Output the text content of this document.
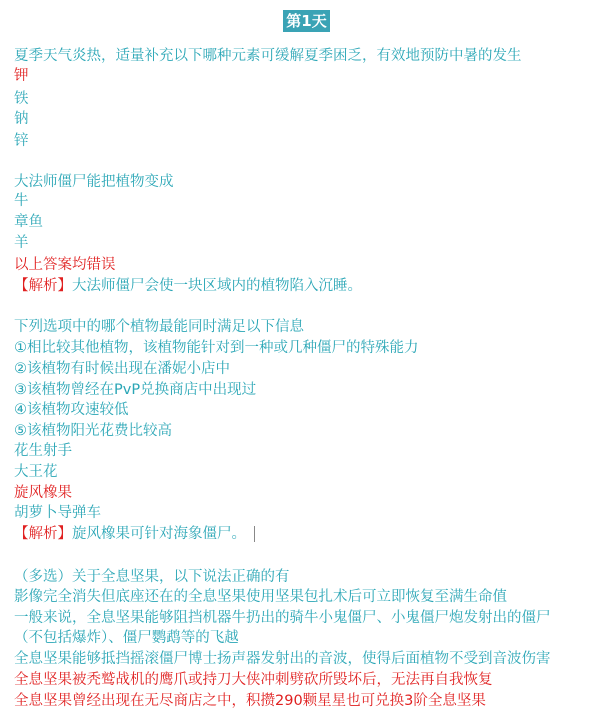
第1天
夏季天气炎热，适量补充以下哪种元素可缓解夏季困乏，有效地预防中暑的发生
钾
铁
钠
锌
大法师僵尸能把植物变成
牛
章鱼
羊
以上答案均错误
【解析】大法师僵尸会使一块区域内的植物陷入沉睡。
下列选项中的哪个植物最能同时满足以下信息
①相比较其他植物，该植物能针对到一种或几种僵尸的特殊能力
②该植物有时候出现在潘妮小店中
③该植物曾经在PvP兑换商店中出现过
④该植物攻速较低
⑤该植物阳光花费比较高
花生射手
大王花
旋风橡果
胡萝卜导弹车
【解析】旋风橡果可针对海象僵尸。
（多选）关于全息坚果，以下说法正确的有
影像完全消失但底座还在的全息坚果使用坚果包扎术后可立即恢复至满生命值
一般来说，全息坚果能够阻挡机器牛扔出的骑牛小鬼僵尸、小鬼僵尸炮发射出的僵尸
（不包括爆炸）、僵尸鹦鹉等的飞越
全息坚果能够抵挡摇滚僵尸博士扬声器发射出的音波，使得后面植物不受到音波伤害
全息坚果被秃鹫战机的鹰爪或持刀大侠冲刺劈砍所毁坏后，无法再自我恢复
全息坚果曾经出现在无尽商店之中，积攒290颗星星也可兑换3阶全息坚果
